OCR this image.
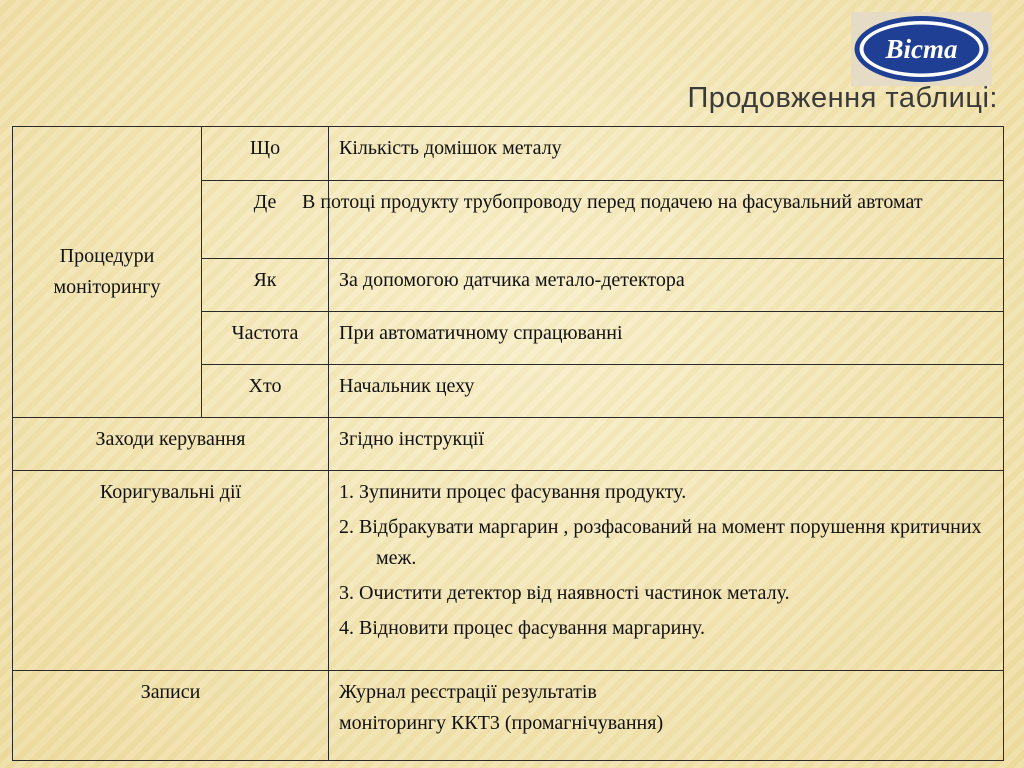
Віста
Продовження таблиці:
Процедури
моніторингу	Що	Кількість домішок металу
	Де	В потоці продукту трубопроводу перед подачею на фасувальний автомат
	Як	За допомогою датчика метало-детектора
	Частота	При автоматичному спрацюванні
	Хто	Начальник цеху
Заходи керування		Згідно інструкції
Коригувальні дії		1. Зупинити процес фасування продукту.
2. Відбракувати маргарин , розфасований на момент порушення критичних меж.
3. Очистити детектор від наявності частинок металу.
4. Відновити процес фасування маргарину.

Записи		Журнал реєстрації результатів
моніторингу ККТ3 (промагнічування)
